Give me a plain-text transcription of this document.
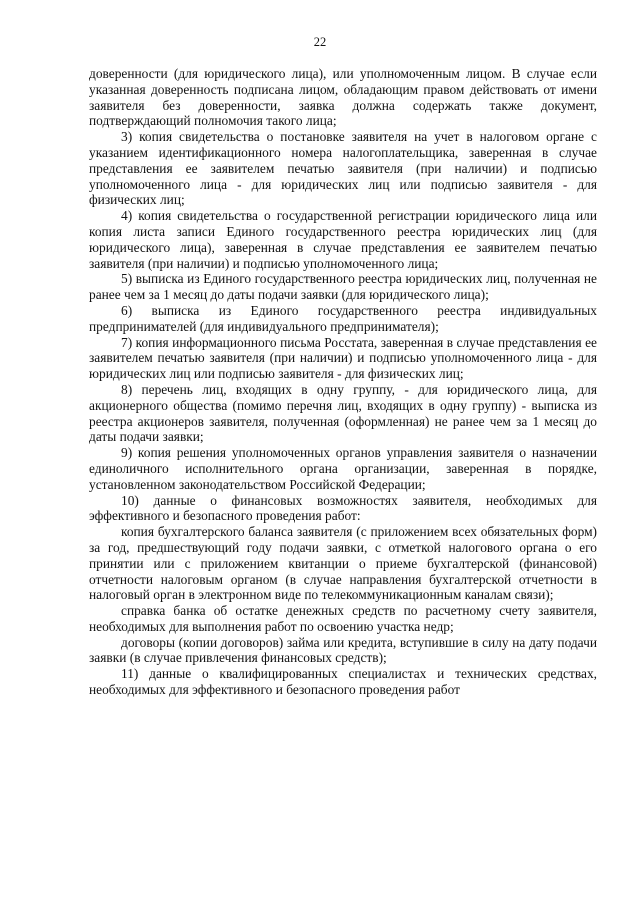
22

доверенности (для юридического лица), или уполномоченным лицом. В случае если указанная доверенность подписана лицом, обладающим правом действовать от имени заявителя без доверенности, заявка должна содержать также документ, подтверждающий полномочия такого лица;

3) копия свидетельства о постановке заявителя на учет в налоговом органе с указанием идентификационного номера налогоплательщика, заверенная в случае представления ее заявителем печатью заявителя (при наличии) и подписью уполномоченного лица - для юридических лиц или подписью заявителя - для физических лиц;

4) копия свидетельства о государственной регистрации юридического лица или копия листа записи Единого государственного реестра юридических лиц (для юридического лица), заверенная в случае представления ее заявителем печатью заявителя (при наличии) и подписью уполномоченного лица;

5) выписка из Единого государственного реестра юридических лиц, полученная не ранее чем за 1 месяц до даты подачи заявки (для юридического лица);

6) выписка из Единого государственного реестра индивидуальных предпринимателей (для индивидуального предпринимателя);

7) копия информационного письма Росстата, заверенная в случае представления ее заявителем печатью заявителя (при наличии) и подписью уполномоченного лица - для юридических лиц или подписью заявителя - для физических лиц;

8) перечень лиц, входящих в одну группу, - для юридического лица, для акционерного общества (помимо перечня лиц, входящих в одну группу) - выписка из реестра акционеров заявителя, полученная (оформленная) не ранее чем за 1 месяц до даты подачи заявки;

9) копия решения уполномоченных органов управления заявителя о назначении единоличного исполнительного органа организации, заверенная в порядке, установленном законодательством Российской Федерации;

10) данные о финансовых возможностях заявителя, необходимых для эффективного и безопасного проведения работ:

копия бухгалтерского баланса заявителя (с приложением всех обязательных форм) за год, предшествующий году подачи заявки, с отметкой налогового органа о его принятии или с приложением квитанции о приеме бухгалтерской (финансовой) отчетности налоговым органом (в случае направления бухгалтерской отчетности в налоговый орган в электронном виде по телекоммуникационным каналам связи);

справка банка об остатке денежных средств по расчетному счету заявителя, необходимых для выполнения работ по освоению участка недр;

договоры (копии договоров) займа или кредита, вступившие в силу на дату подачи заявки (в случае привлечения финансовых средств);

11) данные о квалифицированных специалистах и технических средствах, необходимых для эффективного и безопасного проведения работ
